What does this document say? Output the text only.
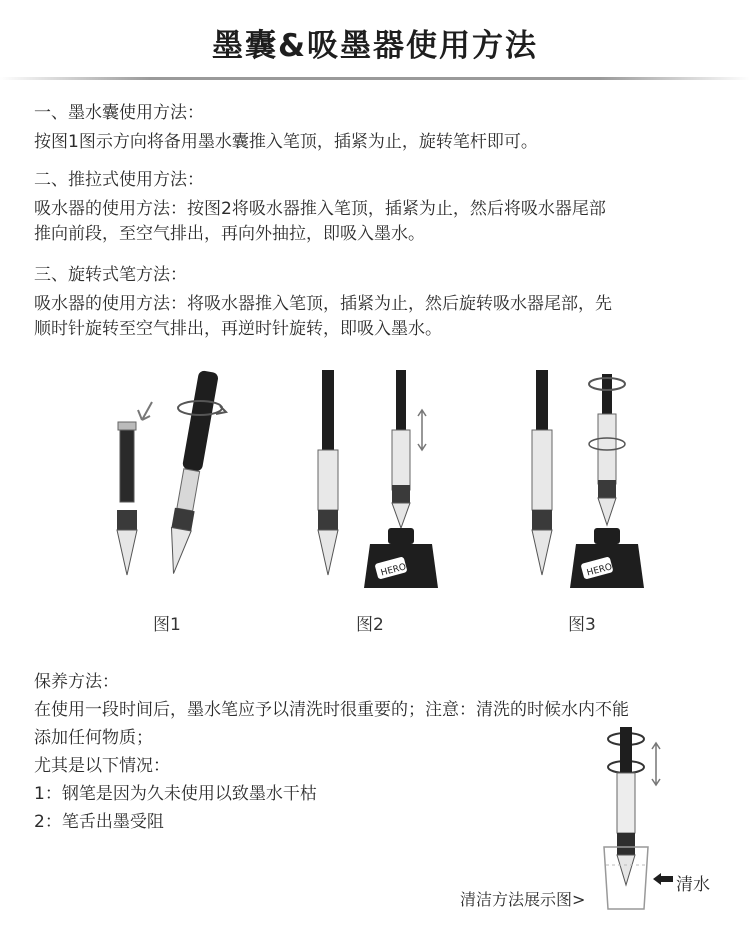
墨囊&吸墨器使用方法
一、墨水囊使用方法：
按图1图示方向将备用墨水囊推入笔顶，插紧为止，旋转笔杆即可。
二、推拉式使用方法：
吸水器的使用方法：按图2将吸水器推入笔顶，插紧为止，然后将吸水器尾部
推向前段，至空气排出，再向外抽拉，即吸入墨水。
三、旋转式笔方法：
吸水器的使用方法：将吸水器推入笔顶，插紧为止，然后旋转吸水器尾部，先
顺时针旋转至空气排出，再逆时针旋转，即吸入墨水。
图1
HERO
图2
HERO
图3
保养方法：
在使用一段时间后，墨水笔应予以清洗时很重要的；注意：清洗的时候水内不能
添加任何物质；
尤其是以下情况：
1：钢笔是因为久未使用以致墨水干枯
2：笔舌出墨受阻
清水
清洁方法展示图>
